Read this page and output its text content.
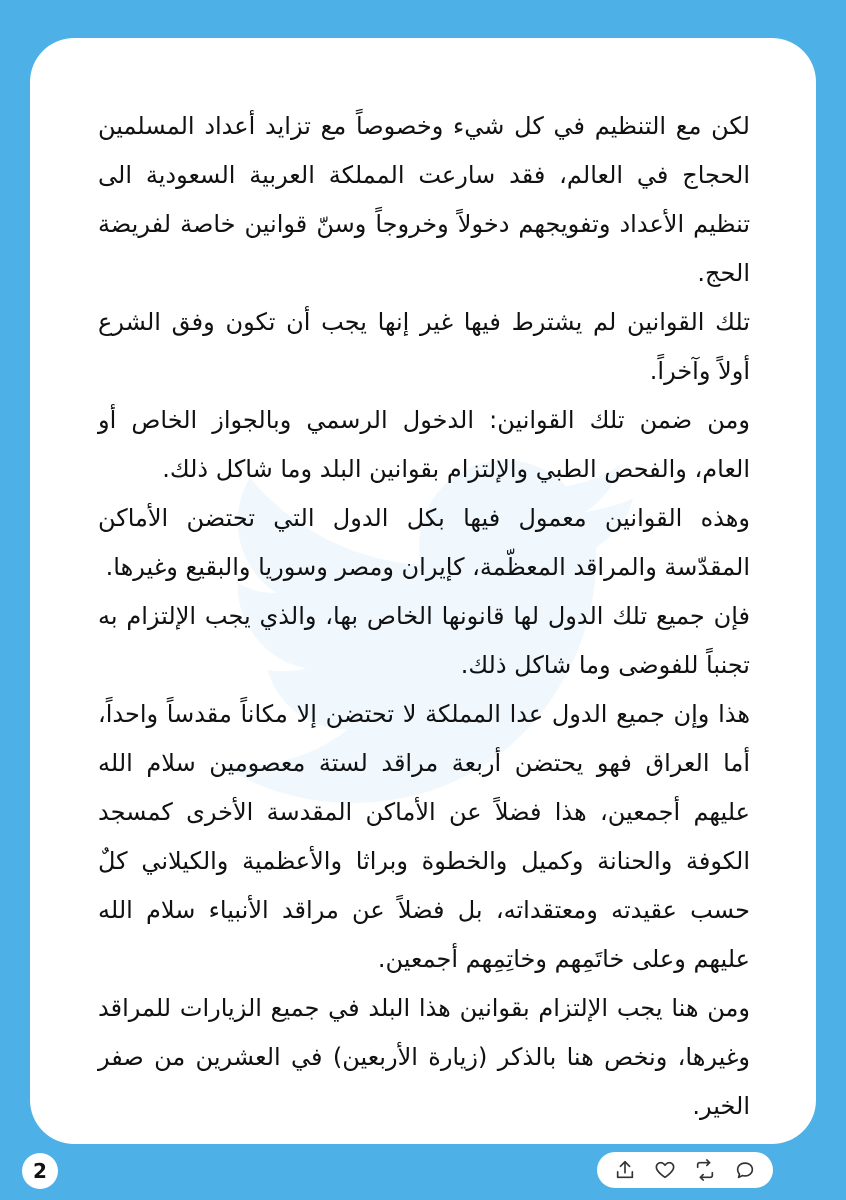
لكن مع التنظيم في كل شيء وخصوصاً مع تزايد أعداد المسلمين الحجاج في العالم، فقد سارعت المملكة العربية السعودية الى تنظيم الأعداد وتفويجهم دخولاً وخروجاً وسنّ قوانين خاصة لفريضة الحج.

تلك القوانين لم يشترط فيها غير إنها يجب أن تكون وفق الشرع أولاً وآخراً.

ومن ضمن تلك القوانين: الدخول الرسمي وبالجواز الخاص أو العام، والفحص الطبي والإلتزام بقوانين البلد وما شاكل ذلك.

وهذه القوانين معمول فيها بكل الدول التي تحتضن الأماكن المقدّسة والمراقد المعظّمة، كإيران ومصر وسوريا والبقيع وغيرها.

فإن جميع تلك الدول لها قانونها الخاص بها، والذي يجب الإلتزام به تجنباً للفوضى وما شاكل ذلك.

هذا وإن جميع الدول عدا المملكة لا تحتضن إلا مكاناً مقدساً واحداً، أما العراق فهو يحتضن أربعة مراقد لستة معصومين سلام الله عليهم أجمعين، هذا فضلاً عن الأماكن المقدسة الأخرى كمسجد الكوفة والحنانة وكميل والخطوة وبراثا والأعظمية والكيلاني كلٌ حسب عقيدته ومعتقداته، بل فضلاً عن مراقد الأنبياء سلام الله عليهم وعلى خاتَمِهم وخاتِمِهم أجمعين.

ومن هنا يجب الإلتزام بقوانين هذا البلد في جميع الزيارات للمراقد وغيرها، ونخص هنا بالذكر (زيارة الأربعين) في العشرين من صفر الخير.

2
